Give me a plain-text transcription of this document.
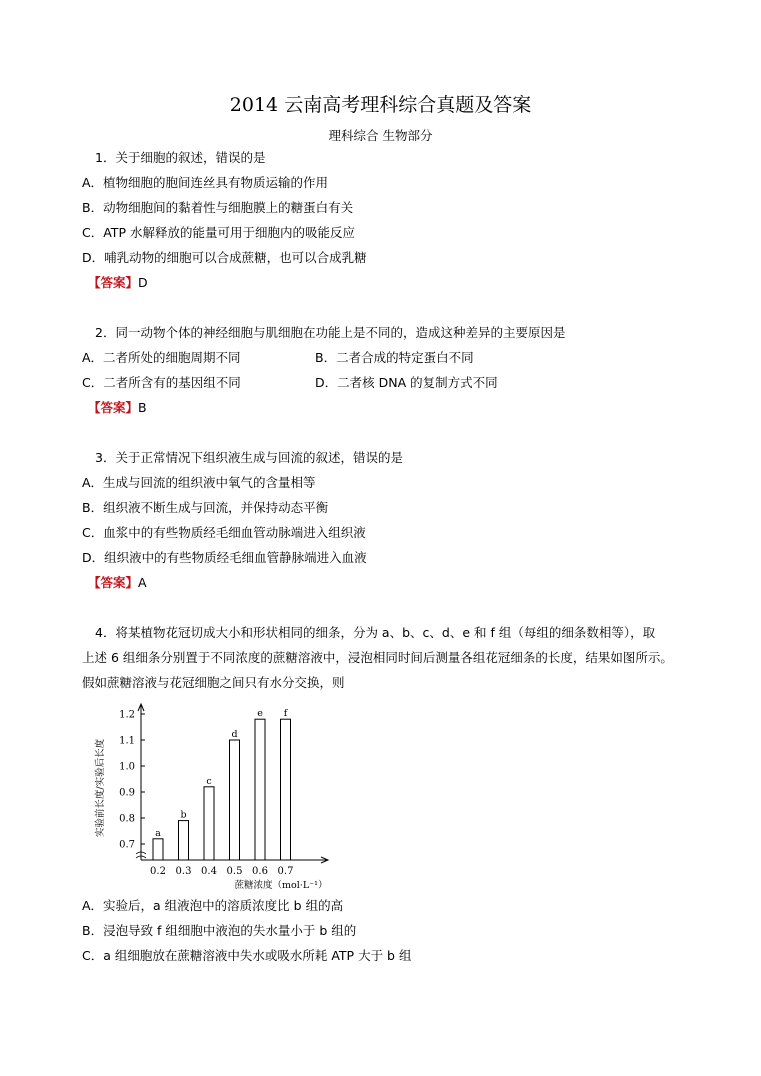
2014 云南高考理科综合真题及答案
理科综合 生物部分
1．关于细胞的叙述，错误的是
A．植物细胞的胞间连丝具有物质运输的作用
B．动物细胞间的黏着性与细胞膜上的糖蛋白有关
C．ATP 水解释放的能量可用于细胞内的吸能反应
D．哺乳动物的细胞可以合成蔗糖，也可以合成乳糖
【答案】D
2．同一动物个体的神经细胞与肌细胞在功能上是不同的，造成这种差异的主要原因是
A．二者所处的细胞周期不同	B．二者合成的特定蛋白不同
C．二者所含有的基因组不同	D．二者核 DNA 的复制方式不同
【答案】B
3．关于正常情况下组织液生成与回流的叙述，错误的是
A．生成与回流的组织液中氧气的含量相等
B．组织液不断生成与回流，并保持动态平衡
C．血浆中的有些物质经毛细血管动脉端进入组织液
D．组织液中的有些物质经毛细血管静脉端进入血液
【答案】A
4．将某植物花冠切成大小和形状相同的细条，分为 a、b、c、d、e 和 f 组（每组的细条数相等），取
上述 6 组细条分别置于不同浓度的蔗糖溶液中，浸泡相同时间后测量各组花冠细条的长度，结果如图所示。
假如蔗糖溶液与花冠细胞之间只有水分交换，则
0.7
0.8
0.9
1.0
1.1
1.2
实验前长度/实验后长度	a
0.2
b
0.3
c
0.4
d
0.5
e
0.6
f
0.7
蔗糖浓度（mol·L⁻¹）
A．实验后，a 组液泡中的溶质浓度比 b 组的高
B．浸泡导致 f 组细胞中液泡的失水量小于 b 组的
C．a 组细胞放在蔗糖溶液中失水或吸水所耗 ATP 大于 b 组
